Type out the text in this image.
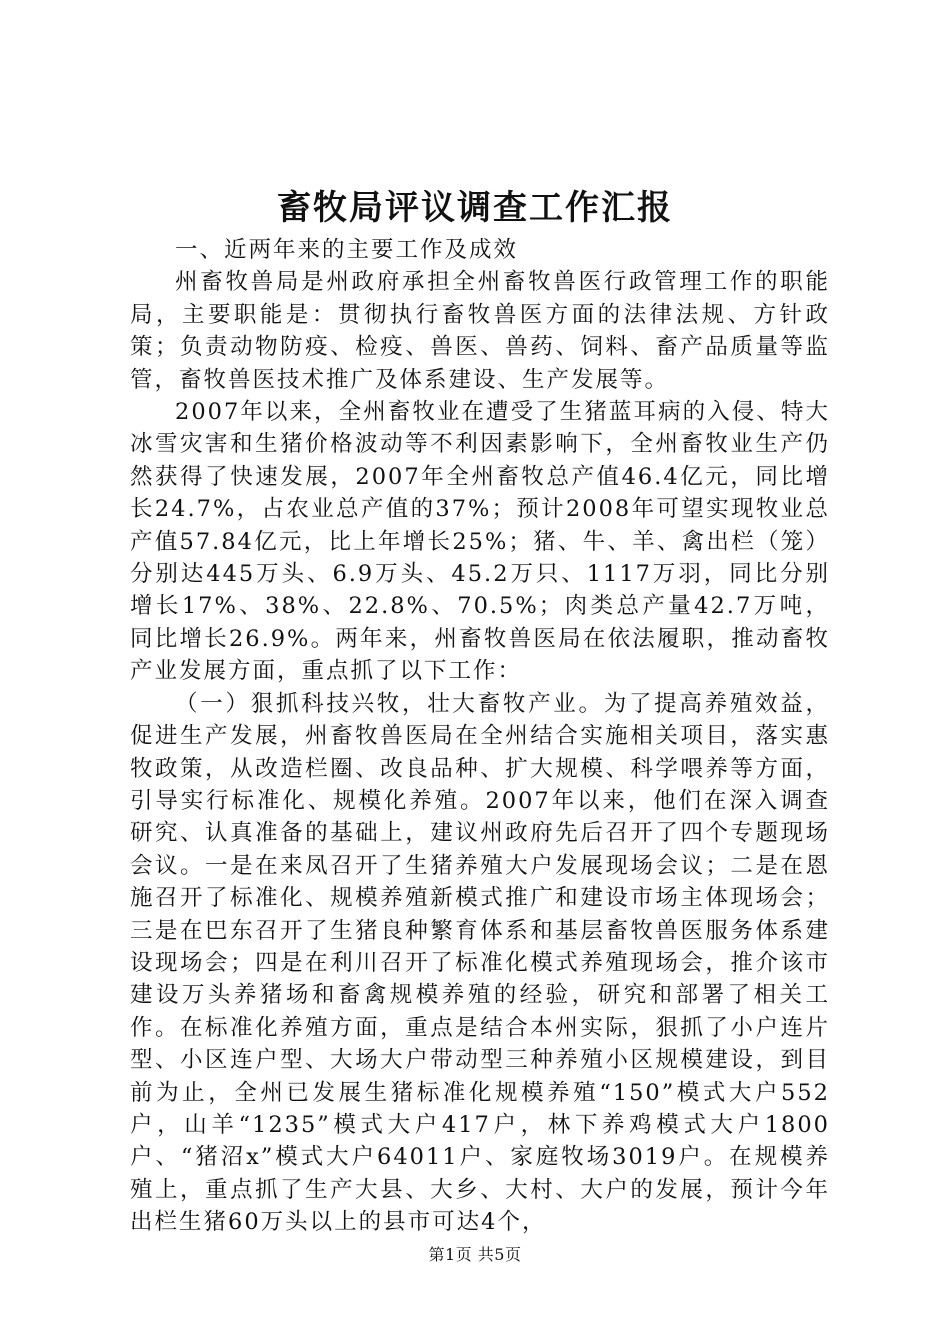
畜牧局评议调查工作汇报

一、近两年来的主要工作及成效

州畜牧兽局是州政府承担全州畜牧兽医行政管理工作的职能局，主要职能是：贯彻执行畜牧兽医方面的法律法规、方针政策；负责动物防疫、检疫、兽医、兽药、饲料、畜产品质量等监管，畜牧兽医技术推广及体系建设、生产发展等。

2007年以来，全州畜牧业在遭受了生猪蓝耳病的入侵、特大冰雪灾害和生猪价格波动等不利因素影响下，全州畜牧业生产仍然获得了快速发展，2007年全州畜牧总产值46.4亿元，同比增长24.7%，占农业总产值的37%；预计2008年可望实现牧业总产值57.84亿元，比上年增长25%；猪、牛、羊、禽出栏（笼）分别达445万头、6.9万头、45.2万只、1117万羽，同比分别增长17%、38%、22.8%、70.5%；肉类总产量42.7万吨，同比增长26.9%。两年来，州畜牧兽医局在依法履职，推动畜牧产业发展方面，重点抓了以下工作：

（一）狠抓科技兴牧，壮大畜牧产业。为了提高养殖效益，促进生产发展，州畜牧兽医局在全州结合实施相关项目，落实惠牧政策，从改造栏圈、改良品种、扩大规模、科学喂养等方面，引导实行标准化、规模化养殖。2007年以来，他们在深入调查研究、认真准备的基础上，建议州政府先后召开了四个专题现场会议。一是在来凤召开了生猪养殖大户发展现场会议；二是在恩施召开了标准化、规模养殖新模式推广和建设市场主体现场会；三是在巴东召开了生猪良种繁育体系和基层畜牧兽医服务体系建设现场会；四是在利川召开了标准化模式养殖现场会，推介该市建设万头养猪场和畜禽规模养殖的经验，研究和部署了相关工作。在标准化养殖方面，重点是结合本州实际，狠抓了小户连片型、小区连户型、大场大户带动型三种养殖小区规模建设，到目前为止，全州已发展生猪标准化规模养殖“150”模式大户552户，山羊“1235”模式大户417户，林下养鸡模式大户1800户、“猪沼x”模式大户64011户、家庭牧场3019户。在规模养殖上，重点抓了生产大县、大乡、大村、大户的发展，预计今年出栏生猪60万头以上的县市可达4个，

第1页 共5页
